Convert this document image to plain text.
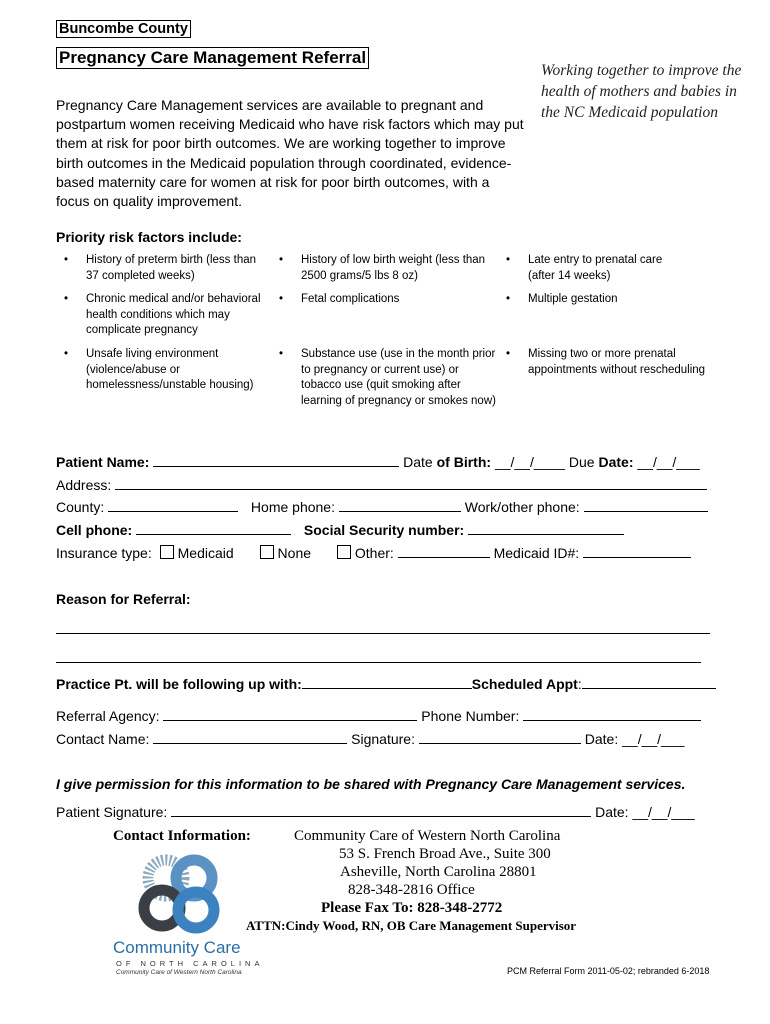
Buncombe County
Pregnancy Care Management Referral
Working together to improve the health of mothers and babies in the NC Medicaid population
Pregnancy Care Management services are available to pregnant and postpartum women receiving Medicaid who have risk factors which may put them at risk for poor birth outcomes. We are working together to improve birth outcomes in the Medicaid population through coordinated, evidence-based maternity care for women at risk for poor birth outcomes, with a focus on quality improvement.
Priority risk factors include:
• History of preterm birth (less than 37 completed weeks)
• History of low birth weight (less than 2500 grams/5 lbs 8 oz)
• Late entry to prenatal care (after 14 weeks)
• Chronic medical and/or behavioral health conditions which may complicate pregnancy
• Fetal complications	• Multiple gestation
• Unsafe living environment (violence/abuse or homelessness/unstable housing)
• Substance use (use in the month prior to pregnancy or current use) or tobacco use (quit smoking after learning of pregnancy or smokes now)
• Missing two or more prenatal appointments without rescheduling
Patient Name:	Date of Birth: __/__/____ Due Date: __/__/___
Address:
County:	Home phone:	Work/other phone:
Cell phone:	Social Security number:
Insurance type: Medicaid	None	Other:	Medicaid ID#:
Reason for Referral:
Practice Pt. will be following up with:	Scheduled Appt:
Referral Agency:	Phone Number:
Contact Name:	Signature:	Date: __/__/___
I give permission for this information to be shared with Pregnancy Care Management services.
Patient Signature:	Date: __/__/___
Contact Information:	Community Care of Western North Carolina
53 S. French Broad Ave., Suite 300
Asheville, North Carolina 28801
828-348-2816 Office
Please Fax To: 828-348-2772
ATTN:Cindy Wood, RN, OB Care Management Supervisor
Community Care
OF NORTH CAROLINA
Community Care of Western North Carolina	PCM Referral Form 2011-05-02; rebranded 6-2018
